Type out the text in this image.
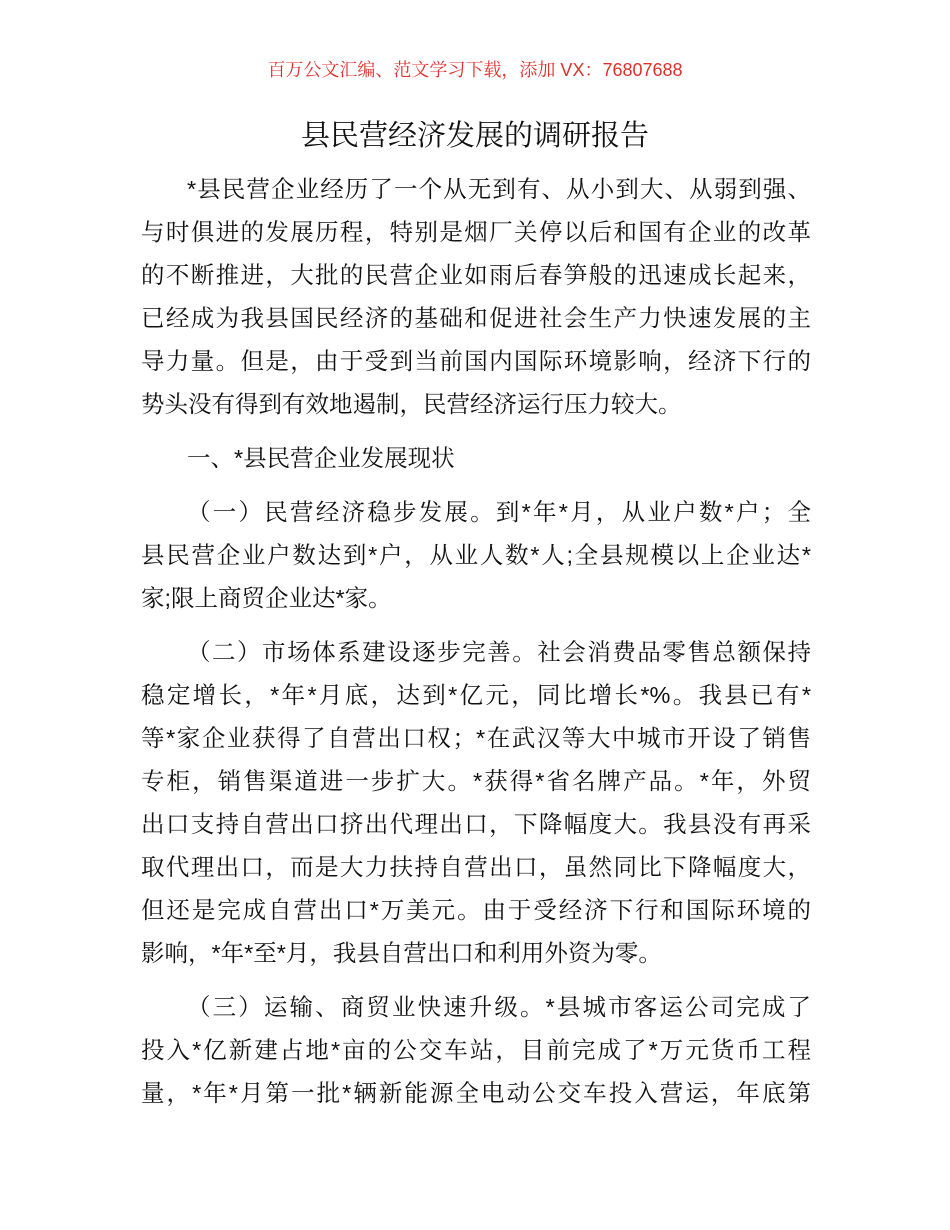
百万公文汇编、范文学习下载，添加 VX：76807688
县民营经济发展的调研报告
*县民营企业经历了一个从无到有、从小到大、从弱到强、
与时俱进的发展历程，特别是烟厂关停以后和国有企业的改革
的不断推进，大批的民营企业如雨后春笋般的迅速成长起来，
已经成为我县国民经济的基础和促进社会生产力快速发展的主
导力量。但是，由于受到当前国内国际环境影响，经济下行的
势头没有得到有效地遏制，民营经济运行压力较大。
一、*县民营企业发展现状
（一）民营经济稳步发展。到*年*月，从业户数*户；全
县民营企业户数达到*户，从业人数*人;全县规模以上企业达*
家;限上商贸企业达*家。
（二）市场体系建设逐步完善。社会消费品零售总额保持
稳定增长，*年*月底，达到*亿元，同比增长*%。我县已有*
等*家企业获得了自营出口权；*在武汉等大中城市开设了销售
专柜，销售渠道进一步扩大。*获得*省名牌产品。*年，外贸
出口支持自营出口挤出代理出口，下降幅度大。我县没有再采
取代理出口，而是大力扶持自营出口，虽然同比下降幅度大，
但还是完成自营出口*万美元。由于受经济下行和国际环境的
影响，*年*至*月，我县自营出口和利用外资为零。
（三）运输、商贸业快速升级。*县城市客运公司完成了
投入*亿新建占地*亩的公交车站，目前完成了*万元货币工程
量，*年*月第一批*辆新能源全电动公交车投入营运，年底第
